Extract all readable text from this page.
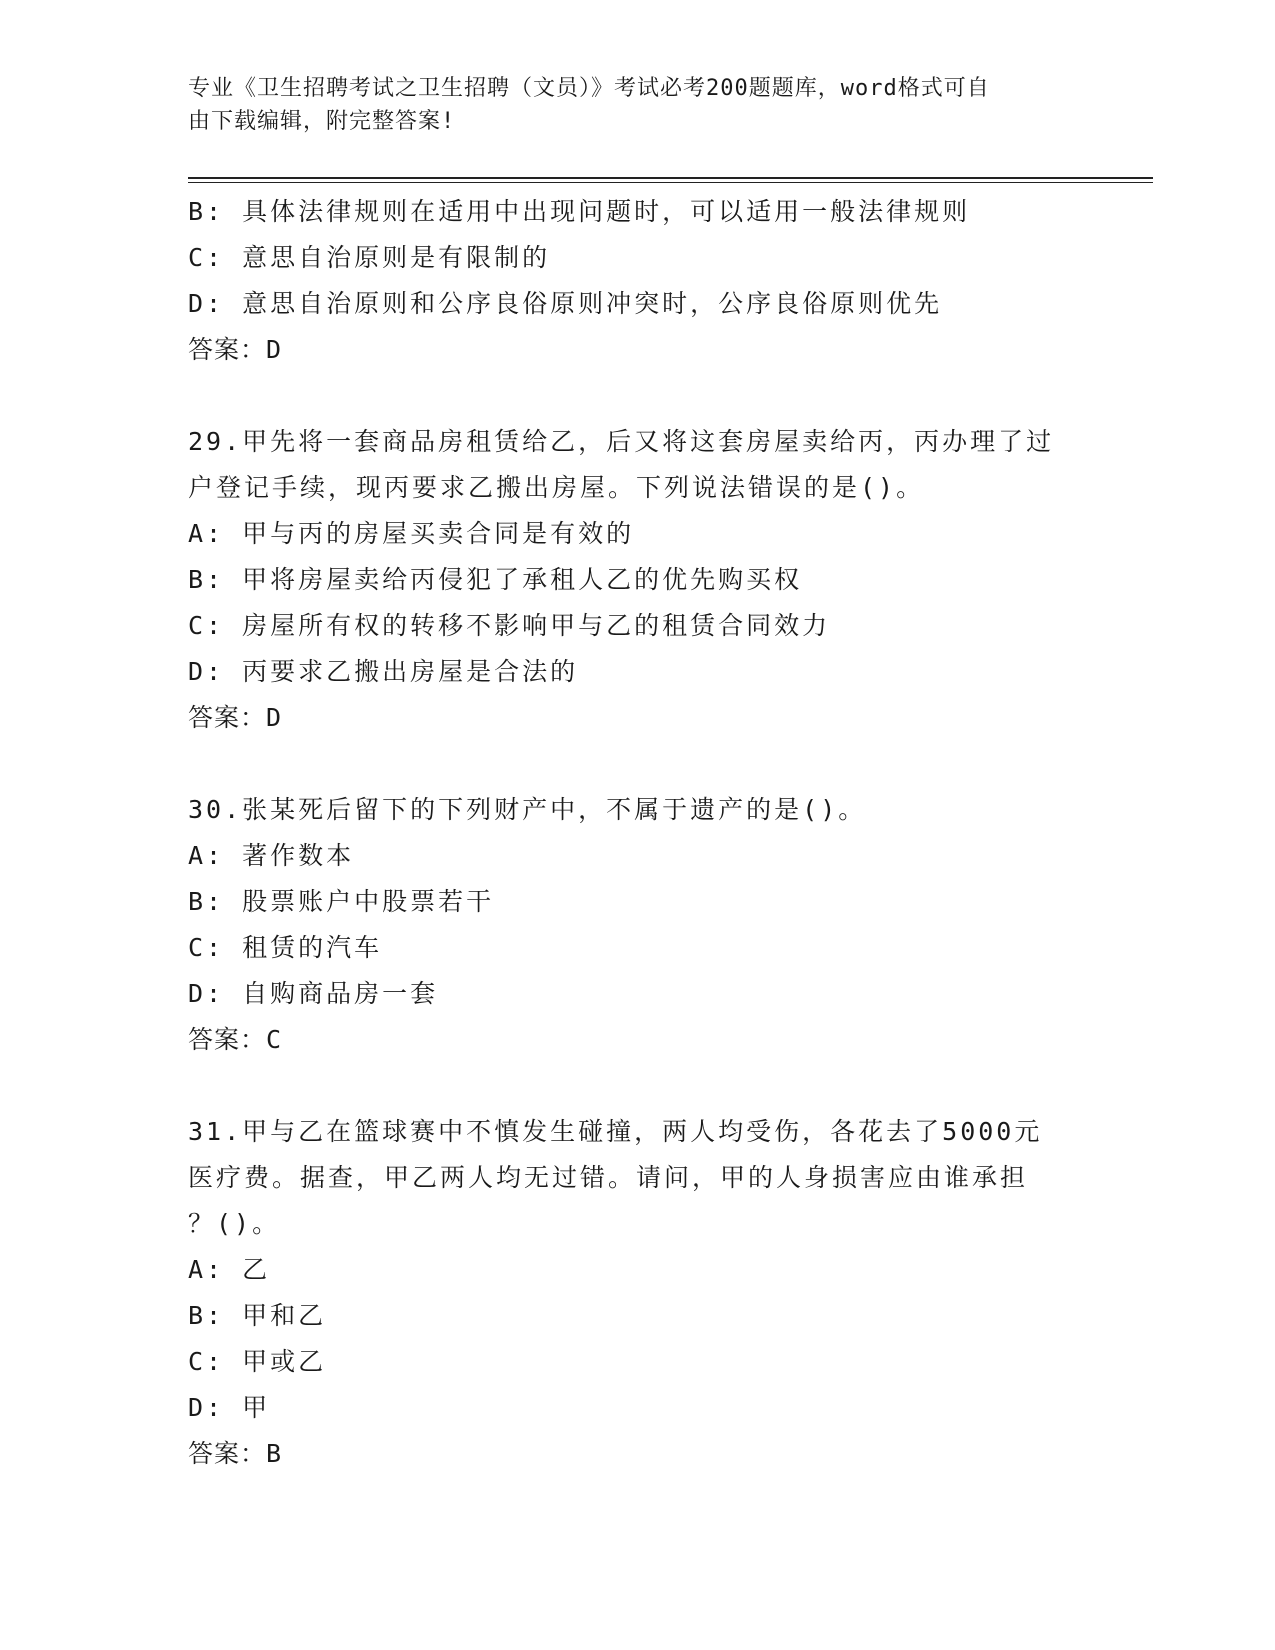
专业《卫生招聘考试之卫生招聘（文员）》考试必考200题题库，word格式可自
由下载编辑，附完整答案!
B: 具体法律规则在适用中出现问题时，可以适用一般法律规则
C: 意思自治原则是有限制的
D: 意思自治原则和公序良俗原则冲突时，公序良俗原则优先
答案：D
29.甲先将一套商品房租赁给乙，后又将这套房屋卖给丙，丙办理了过
户登记手续，现丙要求乙搬出房屋。下列说法错误的是()。
A: 甲与丙的房屋买卖合同是有效的
B: 甲将房屋卖给丙侵犯了承租人乙的优先购买权
C: 房屋所有权的转移不影响甲与乙的租赁合同效力
D: 丙要求乙搬出房屋是合法的
答案：D
30.张某死后留下的下列财产中，不属于遗产的是()。
A: 著作数本
B: 股票账户中股票若干
C: 租赁的汽车
D: 自购商品房一套
答案：C
31.甲与乙在篮球赛中不慎发生碰撞，两人均受伤，各花去了5000元
医疗费。据查，甲乙两人均无过错。请问，甲的人身损害应由谁承担
？()。
A: 乙
B: 甲和乙
C: 甲或乙
D: 甲
答案：B
